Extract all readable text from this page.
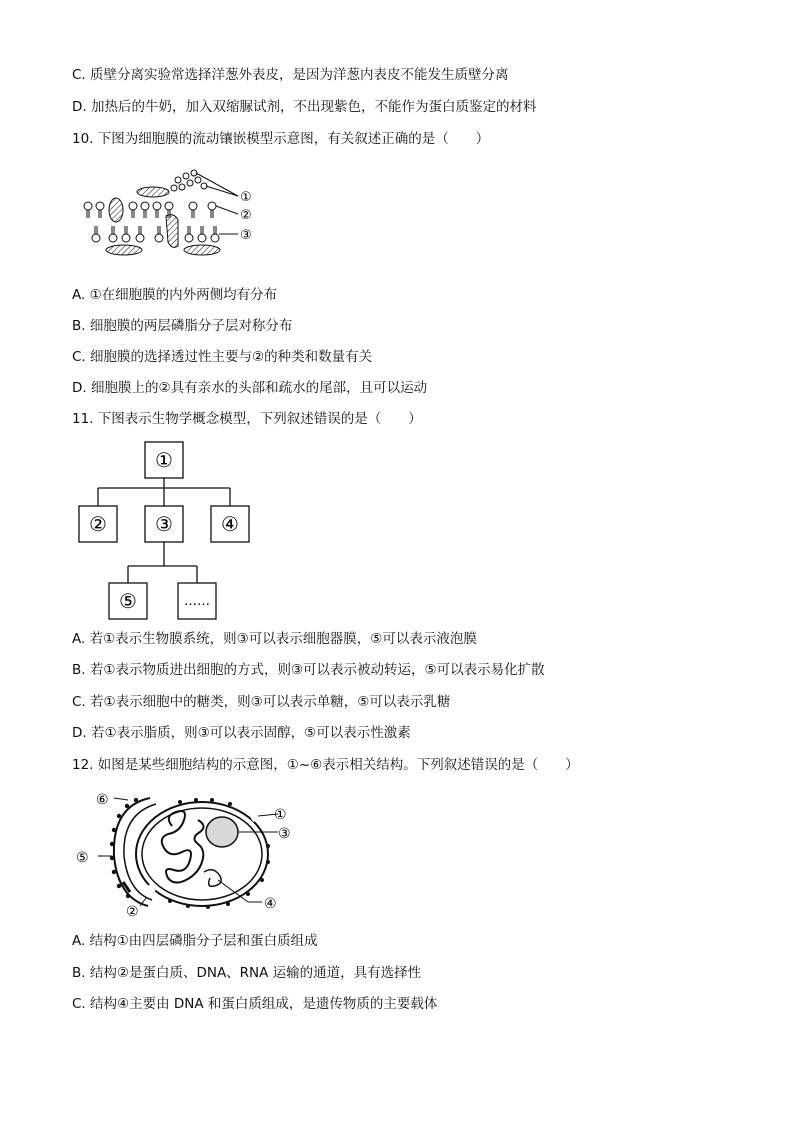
C. 质壁分离实验常选择洋葱外表皮，是因为洋葱内表皮不能发生质壁分离
D. 加热后的牛奶，加入双缩脲试剂，不出现紫色，不能作为蛋白质鉴定的材料
10. 下图为细胞膜的流动镶嵌模型示意图，有关叙述正确的是（　　）
①
②
③
A. ①在细胞膜的内外两侧均有分布
B. 细胞膜的两层磷脂分子层对称分布
C. 细胞膜的选择透过性主要与②的种类和数量有关
D. 细胞膜上的②具有亲水的头部和疏水的尾部，且可以运动
11. 下图表示生物学概念模型，下列叙述错误的是（　　）
①
② ③ ④
⑤	……
A. 若①表示生物膜系统，则③可以表示细胞器膜，⑤可以表示液泡膜
B. 若①表示物质进出细胞的方式，则③可以表示被动转运，⑤可以表示易化扩散
C. 若①表示细胞中的糖类，则③可以表示单糖，⑤可以表示乳糖
D. 若①表示脂质，则③可以表示固醇，⑤可以表示性激素
12. 如图是某些细胞结构的示意图，①~⑥表示相关结构。下列叙述错误的是（　　）
①
③
④
⑤
⑥
②
A. 结构①由四层磷脂分子层和蛋白质组成
B. 结构②是蛋白质、DNA、RNA 运输的通道，具有选择性
C. 结构④主要由 DNA 和蛋白质组成，是遗传物质的主要载体
